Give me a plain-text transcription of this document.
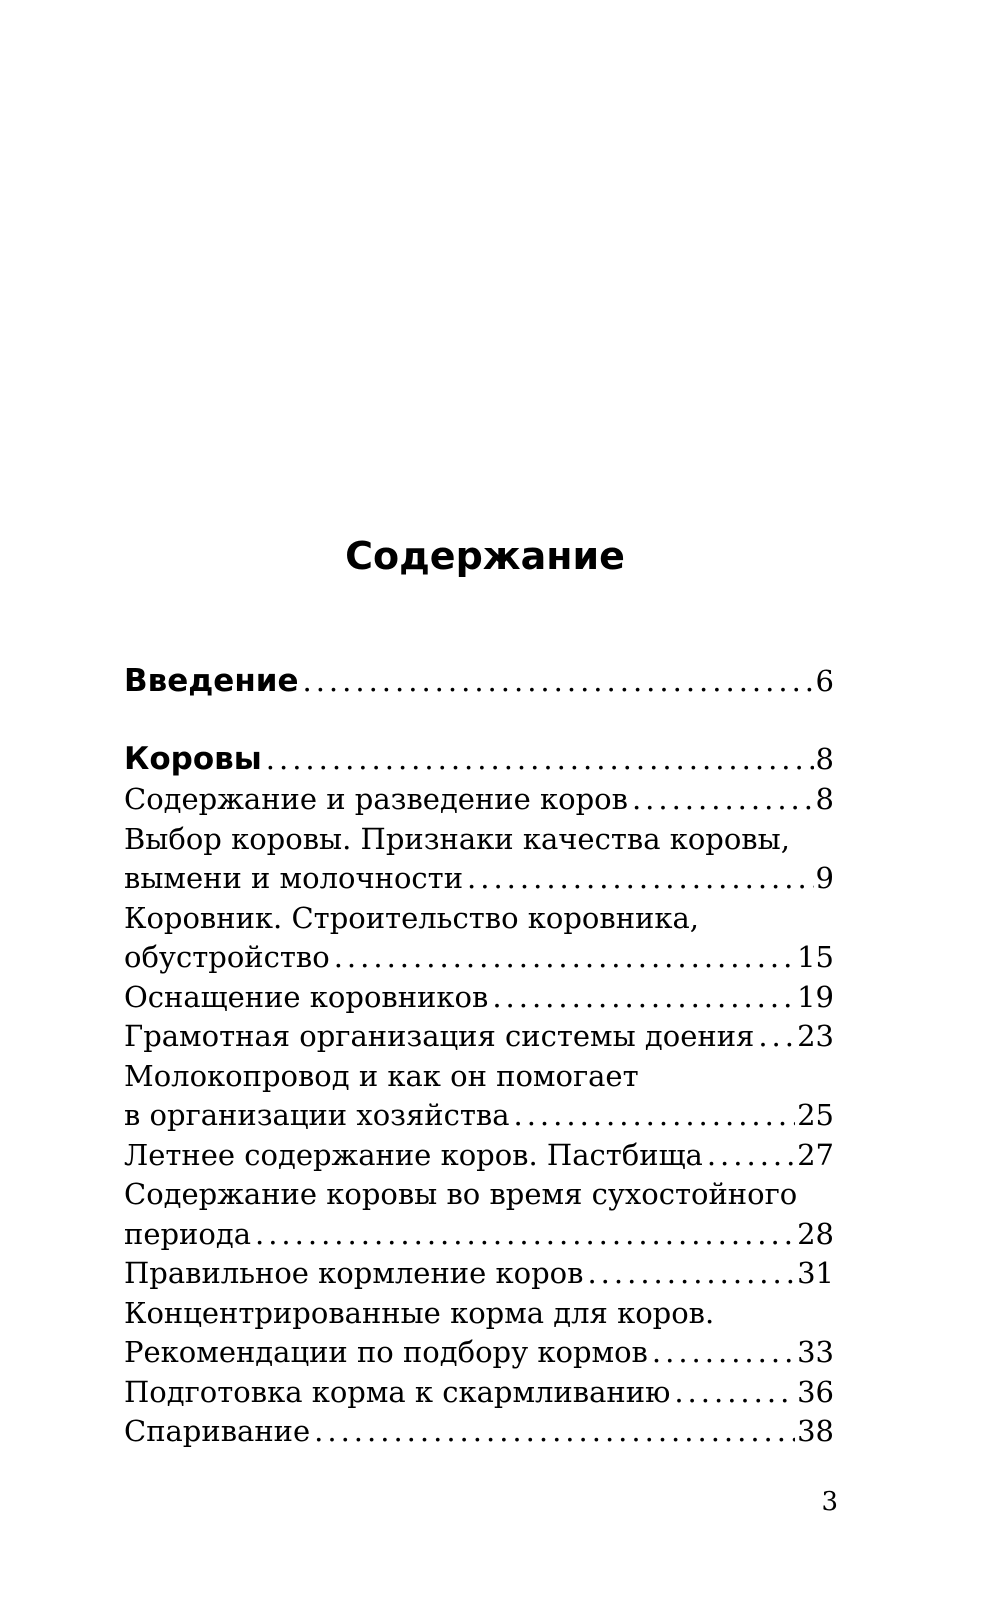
Содержание
Введение .....	6
Коровы .....	8
Содержание и разведение коров .....	8
Выбор коровы. Признаки качества коровы,
вымени и молочности .....	9
Коровник. Строительство коровника,
обустройство .....	15
Оснащение коровников .....	19
Грамотная организация системы доения ..... 23
Молокопровод и как он помогает
в организации хозяйства .....	25
Летнее содержание коров. Пастбища .....	27
Содержание коровы во время сухостойного
периода .....	28
Правильное кормление коров .....	31
Концентрированные корма для коров.
Рекомендации по подбору кормов .....	33
Подготовка корма к скармливанию .....	36
Спаривание .....	38
3
